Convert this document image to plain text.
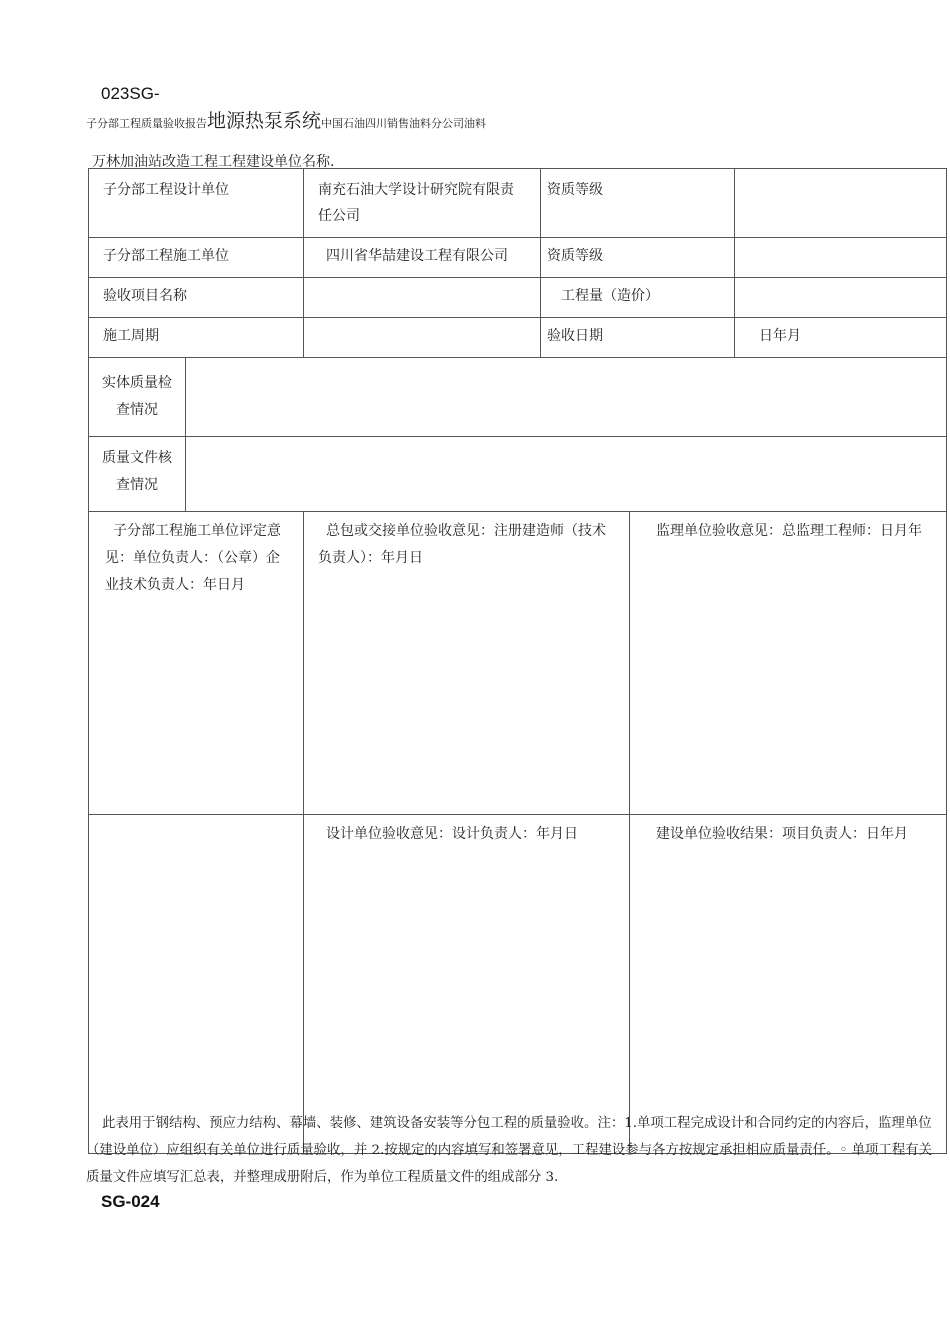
023SG-
子分部工程质量验收报告地源热泵系统中国石油四川销售油料分公司油料
万林加油站改造工程工程建设单位名称.
子分部工程设计单位		南充石油大学设计研究院有限责任公司	资质等级		

子分部工程施工单位		四川省华喆建设工程有限公司	资质等级		

验收项目名称			工程量（造价）		

施工周期			验收日期		日年月

实体质量检查情况					

质量文件核查情况					

子分部工程施工单位评定意见：单位负责人：（公章）企业技术负责人：年日月		总包或交接单位验收意见：注册建造师（技术负责人）：年月日		监理单位验收意见：总监理工程师：日月年	

		设计单位验收意见：设计负责人：年月日		建设单位验收结果：项目负责人：日年月	
此表用于钢结构、预应力结构、幕墙、装修、建筑设备安装等分包工程的质量验收。注：1.单项工程完成设计和合同约定的内容后，监理单位（建设单位）应组织有关单位进行质量验收，并 2.按规定的内容填写和签署意见，工程建设参与各方按规定承担相应质量责任。◦ 单项工程有关质量文件应填写汇总表，并整理成册附后，作为单位工程质量文件的组成部分 3.
SG-024
